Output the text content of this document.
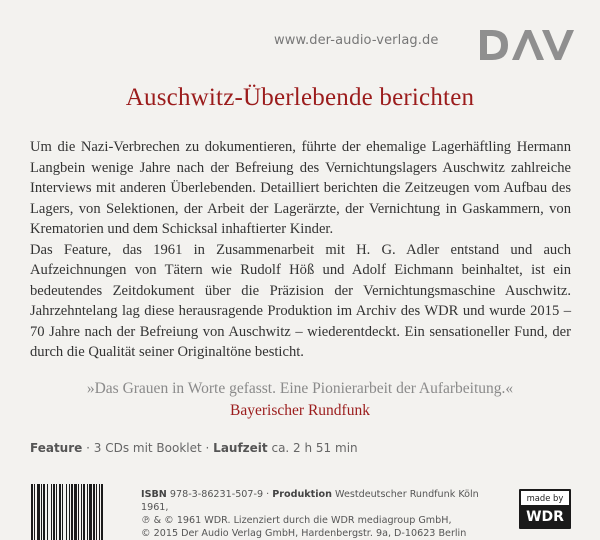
www.der-audio-verlag.de
DAV
Auschwitz-Überlebende berichten

Um die Nazi-Verbrechen zu dokumentieren, führte der ehemalige Lagerhäftling Hermann Langbein wenige Jahre nach der Befreiung des Vernichtungslagers Auschwitz zahlreiche Interviews mit anderen Überlebenden. Detailliert berichten die Zeitzeugen vom Aufbau des Lagers, von Selektionen, der Arbeit der Lagerärzte, der Vernichtung in Gaskammern, von Krematorien und dem Schicksal inhaftierter Kinder.

Das Feature, das 1961 in Zusammenarbeit mit H. G. Adler entstand und auch Aufzeichnungen von Tätern wie Rudolf Höß und Adolf Eichmann beinhaltet, ist ein bedeutendes Zeitdokument über die Präzision der Vernichtungsmaschine Auschwitz. Jahrzehntelang lag diese herausragende Produktion im Archiv des WDR und wurde 2015 – 70 Jahre nach der Befreiung von Auschwitz – wiederentdeckt. Ein sensationeller Fund, der durch die Qualität seiner Originaltöne besticht.

»Das Grauen in Worte gefasst. Eine Pionierarbeit der Aufarbeitung.«
Bayerischer Rundfunk
Feature · 3 CDs mit Booklet · Laufzeit ca. 2 h 51 min
ISBN 978-3-86231-507-9 · Produktion Westdeutscher Rundfunk Köln 1961,
℗ & © 1961 WDR. Lizenziert durch die WDR mediagroup GmbH,
© 2015 Der Audio Verlag GmbH, Hardenbergstr. 9a, D-10623 Berlin
made by
WDR
